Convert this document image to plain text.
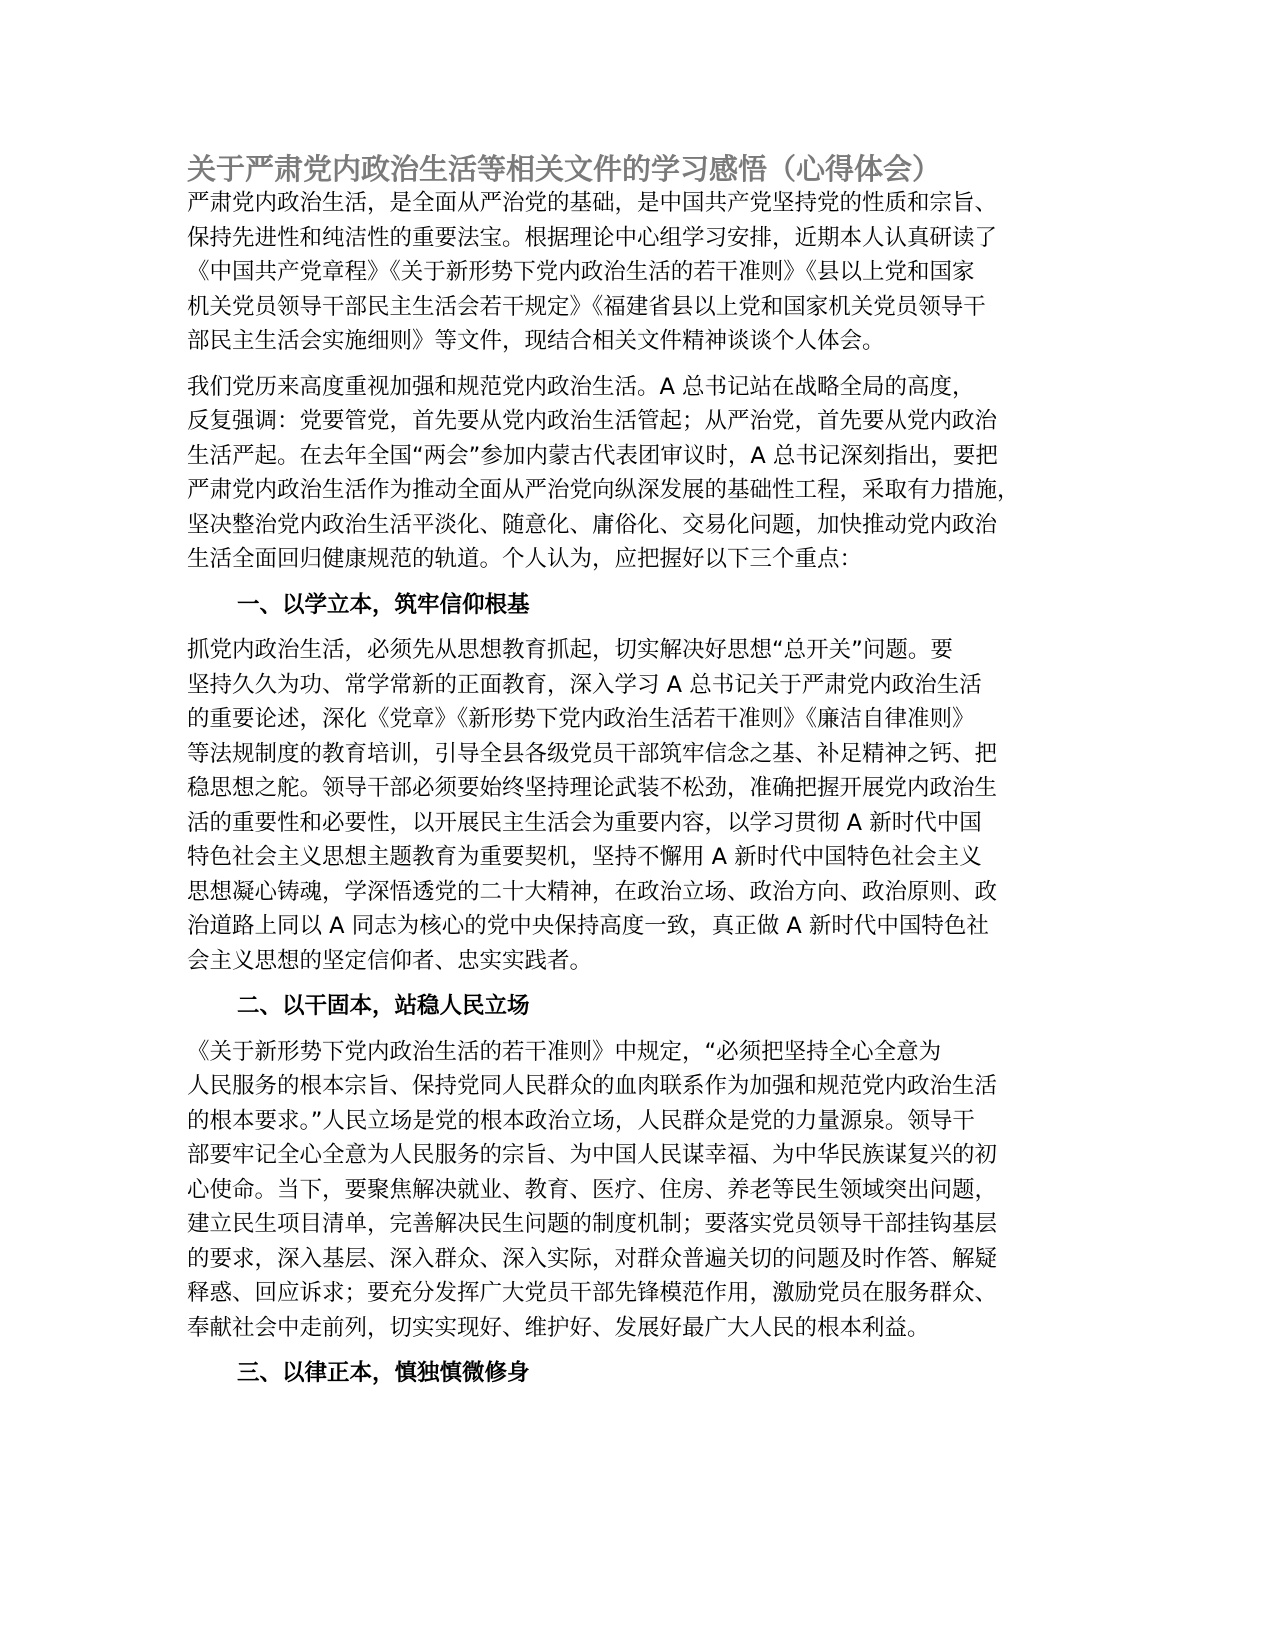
关于严肃党内政治生活等相关文件的学习感悟（心得体会）

严肃党内政治生活，是全面从严治党的基础，是中国共产党坚持党的性质和宗旨、
保持先进性和纯洁性的重要法宝。根据理论中心组学习安排，近期本人认真研读了
《中国共产党章程》《关于新形势下党内政治生活的若干准则》《县以上党和国家
机关党员领导干部民主生活会若干规定》《福建省县以上党和国家机关党员领导干
部民主生活会实施细则》等文件，现结合相关文件精神谈谈个人体会。

我们党历来高度重视加强和规范党内政治生活。A 总书记站在战略全局的高度，
反复强调：党要管党，首先要从党内政治生活管起；从严治党，首先要从党内政治
生活严起。在去年全国“两会”参加内蒙古代表团审议时，A 总书记深刻指出，要把
严肃党内政治生活作为推动全面从严治党向纵深发展的基础性工程，采取有力措施，
坚决整治党内政治生活平淡化、随意化、庸俗化、交易化问题，加快推动党内政治
生活全面回归健康规范的轨道。个人认为，应把握好以下三个重点：

一、以学立本，筑牢信仰根基

抓党内政治生活，必须先从思想教育抓起，切实解决好思想“总开关”问题。要
坚持久久为功、常学常新的正面教育，深入学习 A 总书记关于严肃党内政治生活
的重要论述，深化《党章》《新形势下党内政治生活若干准则》《廉洁自律准则》
等法规制度的教育培训，引导全县各级党员干部筑牢信念之基、补足精神之钙、把
稳思想之舵。领导干部必须要始终坚持理论武装不松劲，准确把握开展党内政治生
活的重要性和必要性，以开展民主生活会为重要内容，以学习贯彻 A 新时代中国
特色社会主义思想主题教育为重要契机，坚持不懈用 A 新时代中国特色社会主义
思想凝心铸魂，学深悟透党的二十大精神，在政治立场、政治方向、政治原则、政
治道路上同以 A 同志为核心的党中央保持高度一致，真正做 A 新时代中国特色社
会主义思想的坚定信仰者、忠实实践者。

二、以干固本，站稳人民立场

《关于新形势下党内政治生活的若干准则》中规定，“必须把坚持全心全意为
人民服务的根本宗旨、保持党同人民群众的血肉联系作为加强和规范党内政治生活
的根本要求。”人民立场是党的根本政治立场，人民群众是党的力量源泉。领导干
部要牢记全心全意为人民服务的宗旨、为中国人民谋幸福、为中华民族谋复兴的初
心使命。当下，要聚焦解决就业、教育、医疗、住房、养老等民生领域突出问题，
建立民生项目清单，完善解决民生问题的制度机制；要落实党员领导干部挂钩基层
的要求，深入基层、深入群众、深入实际，对群众普遍关切的问题及时作答、解疑
释惑、回应诉求；要充分发挥广大党员干部先锋模范作用，激励党员在服务群众、
奉献社会中走前列，切实实现好、维护好、发展好最广大人民的根本利益。

三、以律正本，慎独慎微修身
